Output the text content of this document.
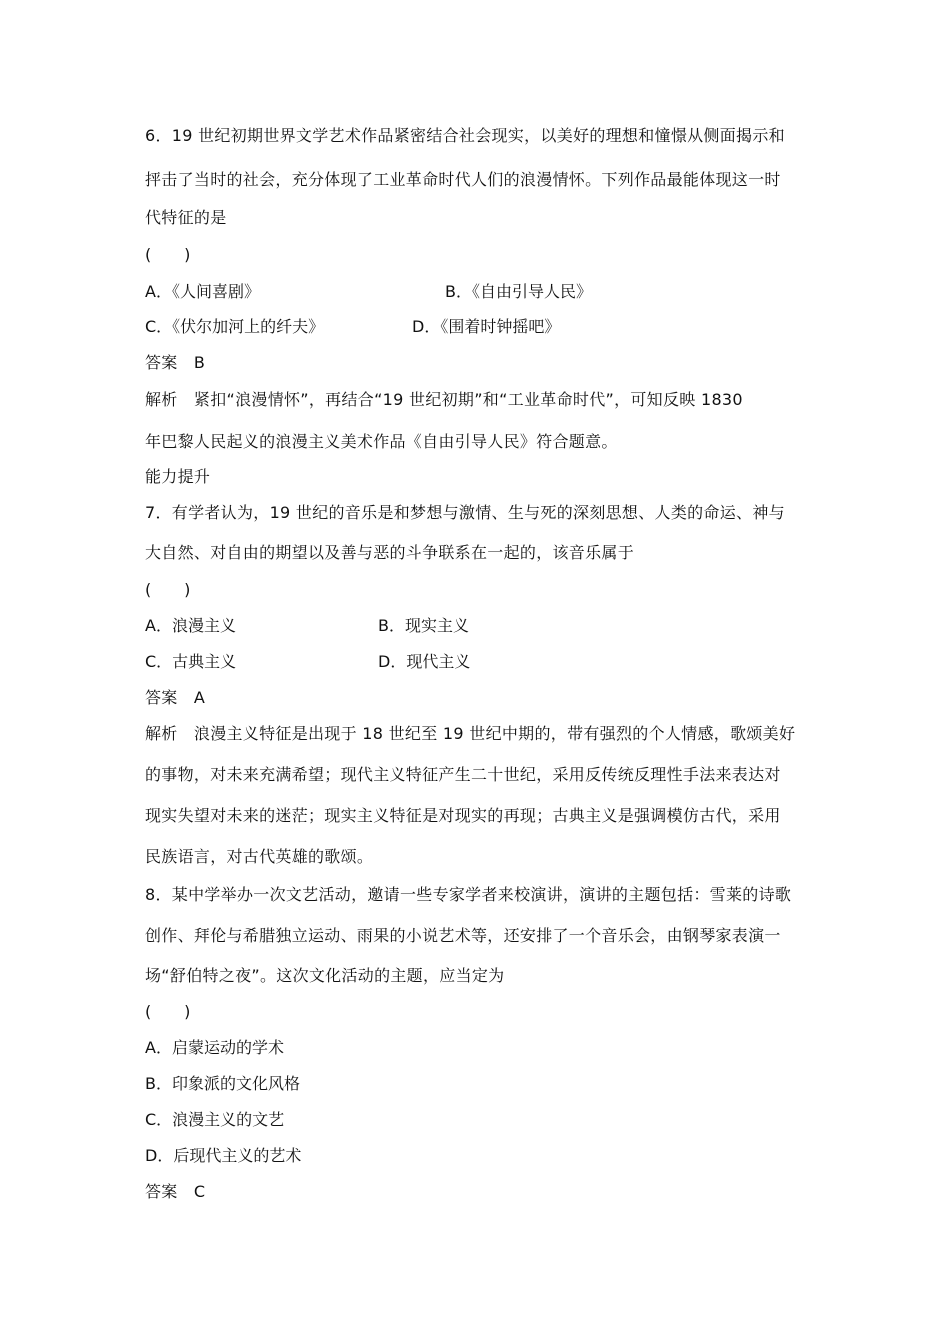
6．19 世纪初期世界文学艺术作品紧密结合社会现实，以美好的理想和憧憬从侧面揭示和
抨击了当时的社会，充分体现了工业革命时代人们的浪漫情怀。下列作品最能体现这一时
代特征的是
(　　)
A．《人间喜剧》	B．《自由引导人民》
C．《伏尔加河上的纤夫》	D．《围着时钟摇吧》
答案　B
解析　紧扣“浪漫情怀”，再结合“19 世纪初期”和“工业革命时代”，可知反映 1830
年巴黎人民起义的浪漫主义美术作品《自由引导人民》符合题意。
能力提升
7．有学者认为，19 世纪的音乐是和梦想与激情、生与死的深刻思想、人类的命运、神与
大自然、对自由的期望以及善与恶的斗争联系在一起的，该音乐属于
(　　)
A．浪漫主义	B．现实主义
C．古典主义	D．现代主义
答案　A
解析　浪漫主义特征是出现于 18 世纪至 19 世纪中期的，带有强烈的个人情感，歌颂美好
的事物，对未来充满希望；现代主义特征产生二十世纪，采用反传统反理性手法来表达对
现实失望对未来的迷茫；现实主义特征是对现实的再现；古典主义是强调模仿古代，采用
民族语言，对古代英雄的歌颂。
8．某中学举办一次文艺活动，邀请一些专家学者来校演讲，演讲的主题包括：雪莱的诗歌
创作、拜伦与希腊独立运动、雨果的小说艺术等，还安排了一个音乐会，由钢琴家表演一
场“舒伯特之夜”。这次文化活动的主题，应当定为
(　　)
A．启蒙运动的学术
B．印象派的文化风格
C．浪漫主义的文艺
D．后现代主义的艺术
答案　C
